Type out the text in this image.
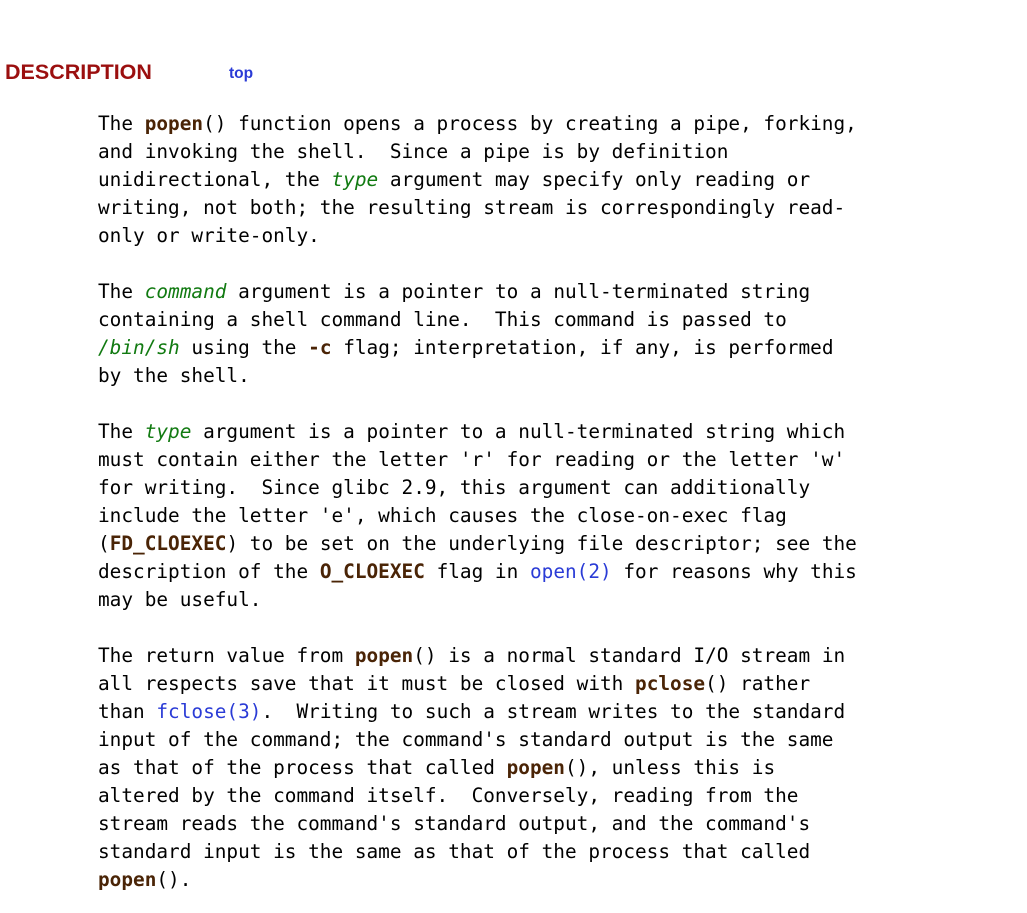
DESCRIPTION	top
The popen() function opens a process by creating a pipe, forking,
and invoking the shell.  Since a pipe is by definition
unidirectional, the type argument may specify only reading or
writing, not both; the resulting stream is correspondingly read-
only or write-only.

The command argument is a pointer to a null-terminated string
containing a shell command line.  This command is passed to
/bin/sh using the -c flag; interpretation, if any, is performed
by the shell.

The type argument is a pointer to a null-terminated string which
must contain either the letter 'r' for reading or the letter 'w'
for writing.  Since glibc 2.9, this argument can additionally
include the letter 'e', which causes the close-on-exec flag
(FD_CLOEXEC) to be set on the underlying file descriptor; see the
description of the O_CLOEXEC flag in open(2) for reasons why this
may be useful.

The return value from popen() is a normal standard I/O stream in
all respects save that it must be closed with pclose() rather
than fclose(3).  Writing to such a stream writes to the standard
input of the command; the command's standard output is the same
as that of the process that called popen(), unless this is
altered by the command itself.  Conversely, reading from the
stream reads the command's standard output, and the command's
standard input is the same as that of the process that called
popen().
